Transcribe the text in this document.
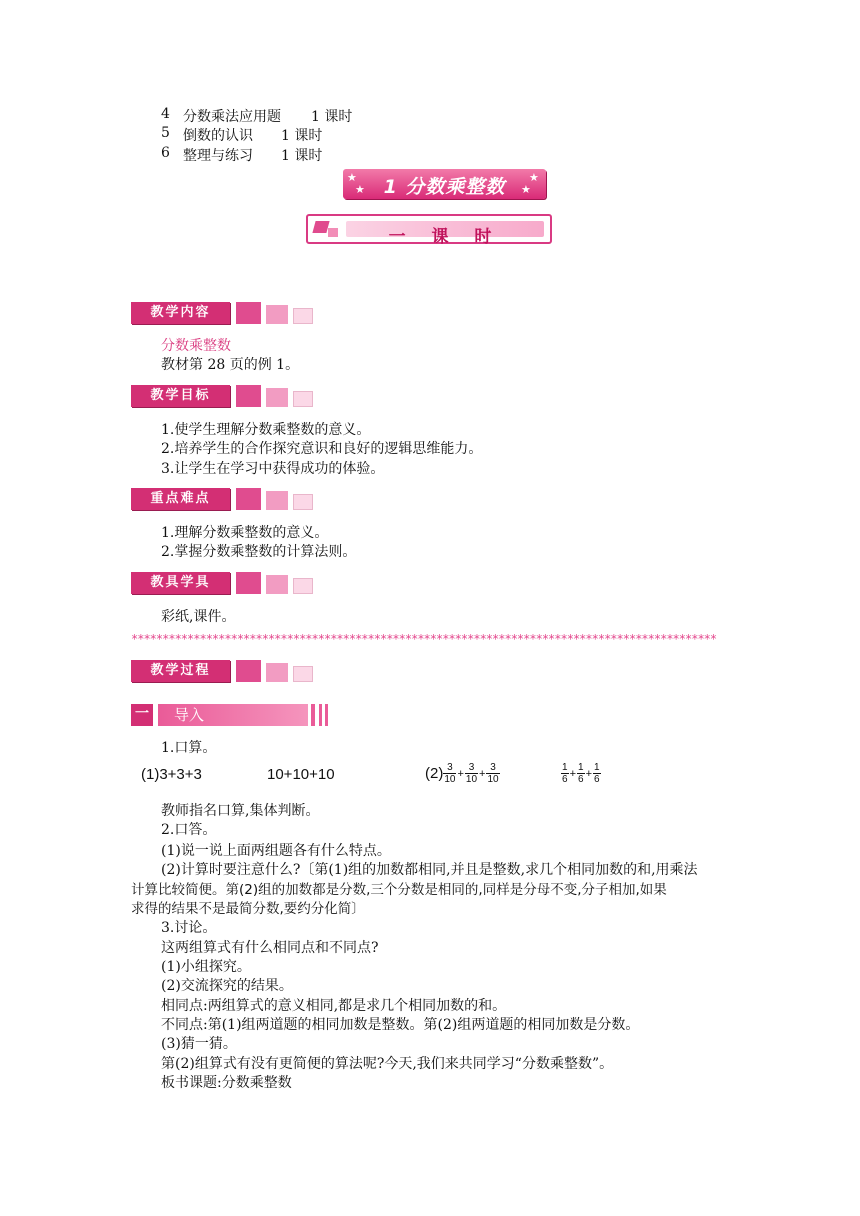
4 分数乘法应用题 1 课时
5 倒数的认识 1 课时
6 整理与练习 1 课时
★
★
★
★
1 分数乘整数
一 课 时
教学内容
分数乘整数
教材第 28 页的例 1。
教学目标
1.使学生理解分数乘整数的意义。
2.培养学生的合作探究意识和良好的逻辑思维能力。
3.让学生在学习中获得成功的体验。
重点难点
1.理解分数乘整数的意义。
2.掌握分数乘整数的计算法则。
教具学具
彩纸,课件。
**********************************************************************************************
教学过程
一	导入
1.口算。
(1)3+3+3	10+10+10	$(2) \frac{3}{10} + \frac{3}{10} + \frac{3}{10}$	$\frac{1}{6} + \frac{1}{6} + \frac{1}{6}$
教师指名口算,集体判断。
2.口答。
(1)说一说上面两组题各有什么特点。
(2)计算时要注意什么?〔第(1)组的加数都相同,并且是整数,求几个相同加数的和,用乘法
计算比较简便。第(2)组的加数都是分数,三个分数是相同的,同样是分母不变,分子相加,如果
求得的结果不是最简分数,要约分化简〕
3.讨论。
这两组算式有什么相同点和不同点?
(1)小组探究。
(2)交流探究的结果。
相同点:两组算式的意义相同,都是求几个相同加数的和。
不同点:第(1)组两道题的相同加数是整数。第(2)组两道题的相同加数是分数。
(3)猜一猜。
第(2)组算式有没有更简便的算法呢?今天,我们来共同学习“分数乘整数”。
板书课题:分数乘整数
